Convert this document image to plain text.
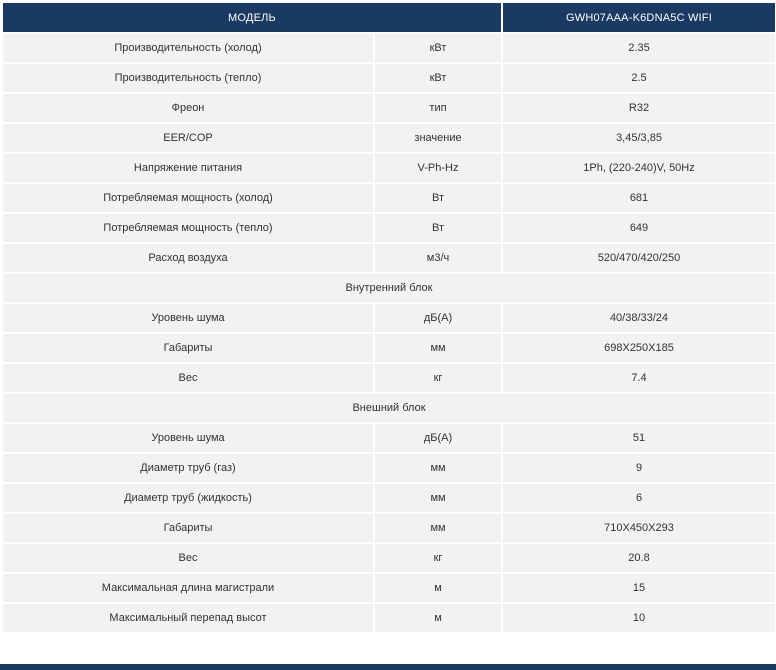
МОДЕЛЬ		GWH07AAA-K6DNA5C WIFI
Производительность (холод)	кВт	2.35
Производительность (тепло)	кВт	2.5
Фреон	тип	R32
EER/COP	значение	3,45/3,85
Напряжение питания	V-Ph-Hz	1Ph, (220-240)V, 50Hz
Потребляемая мощность (холод)	Вт	681
Потребляемая мощность (тепло)	Вт	649
Расход воздуха	м3/ч	520/470/420/250
Внутренний блок		
Уровень шума	дБ(А)	40/38/33/24
Габариты	мм	698X250X185
Вес	кг	7.4
Внешний блок		
Уровень шума	дБ(А)	51
Диаметр труб (газ)	мм	9
Диаметр труб (жидкость)	мм	6
Габариты	мм	710X450X293
Вес	кг	20.8
Максимальная длина магистрали	м	15
Максимальный перепад высот	м	10
